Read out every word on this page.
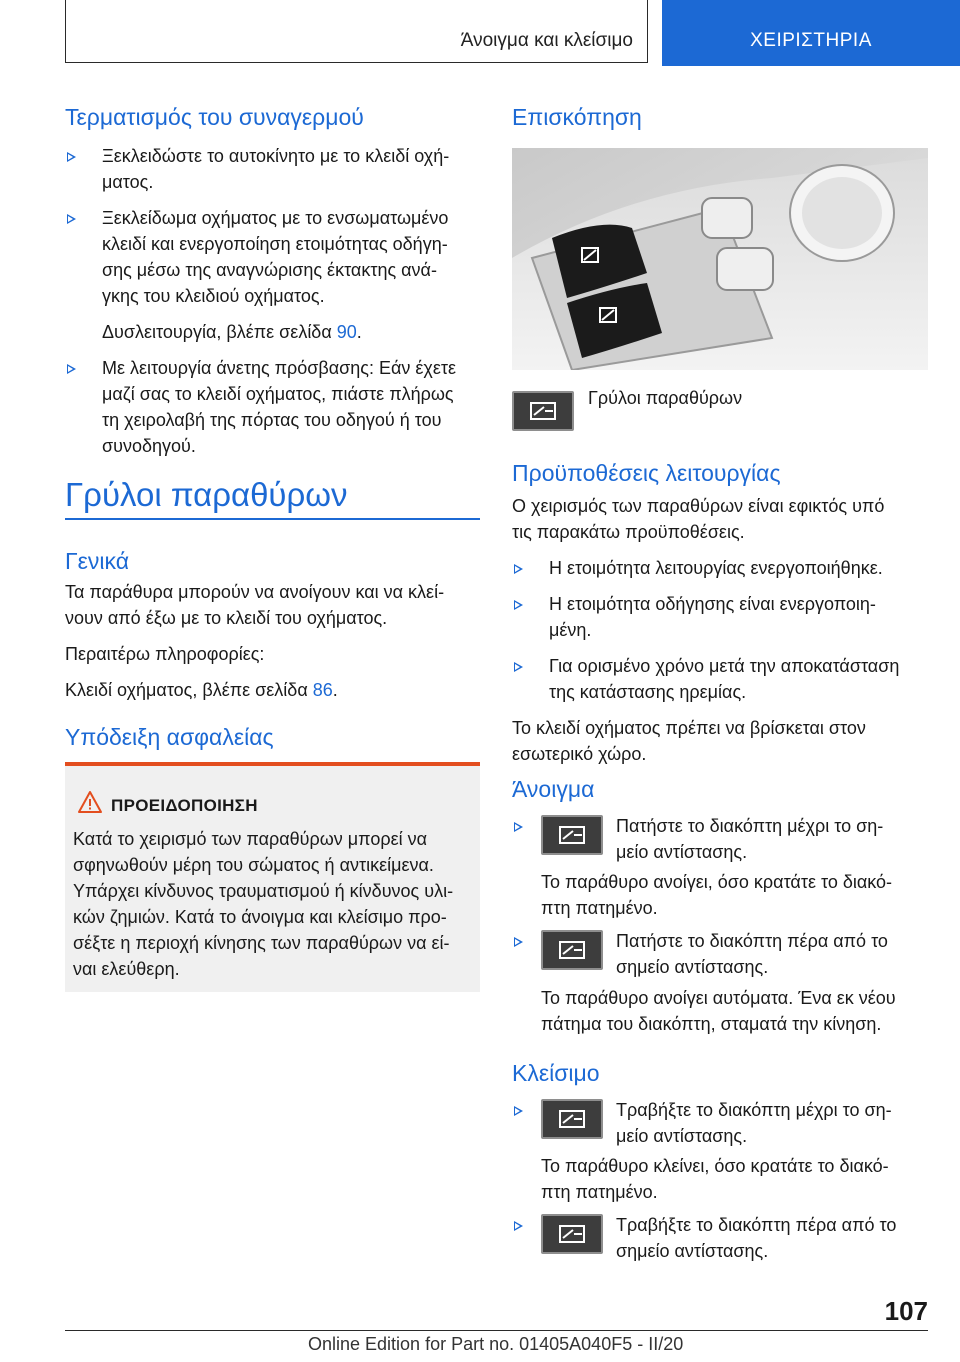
Άνοιγμα και κλείσιμο	ΧΕΙΡΙΣΤΗΡΙΑ
Τερματισμός του συναγερμού
Ξεκλειδώστε το αυτοκίνητο με το κλειδί οχή-
ματος.
Ξεκλείδωμα οχήματος με το ενσωματωμένο
κλειδί και ενεργοποίηση ετοιμότητας οδήγη-
σης μέσω της αναγνώρισης έκτακτης ανά-
γκης του κλειδιού οχήματος.
Δυσλειτουργία, βλέπε σελίδα 90.
Με λειτουργία άνετης πρόσβασης: Εάν έχετε
μαζί σας το κλειδί οχήματος, πιάστε πλήρως
τη χειρολαβή της πόρτας του οδηγού ή του
συνοδηγού.
Γρύλοι παραθύρων
Γενικά

Τα παράθυρα μπορούν να ανοίγουν και να κλεί-
νουν από έξω με το κλειδί του οχήματος.

Περαιτέρω πληροφορίες:

Κλειδί οχήματος, βλέπε σελίδα 86.

Υπόδειξη ασφαλείας
ΠΡΟΕΙΔΟΠΟΙΗΣΗ
Κατά το χειρισμό των παραθύρων μπορεί να
σφηνωθούν μέρη του σώματος ή αντικείμενα.
Υπάρχει κίνδυνος τραυματισμού ή κίνδυνος υλι-
κών ζημιών. Κατά το άνοιγμα και κλείσιμο προ-
σέξτε η περιοχή κίνησης των παραθύρων να εί-
ναι ελεύθερη.
Επισκόπηση
Γρύλοι παραθύρων
Προϋποθέσεις λειτουργίας

Ο χειρισμός των παραθύρων είναι εφικτός υπό
τις παρακάτω προϋποθέσεις.

Η ετοιμότητα λειτουργίας ενεργοποιήθηκε.
Η ετοιμότητα οδήγησης είναι ενεργοποιη-
μένη.
Για ορισμένο χρόνο μετά την αποκατάσταση
της κατάστασης ηρεμίας.

Το κλειδί οχήματος πρέπει να βρίσκεται στον
εσωτερικό χώρο.

Άνοιγμα
Πατήστε το διακόπτη μέχρι το ση-
μείο αντίστασης.
Το παράθυρο ανοίγει, όσο κρατάτε το διακό-
πτη πατημένο.
Πατήστε το διακόπτη πέρα από το
σημείο αντίστασης.
Το παράθυρο ανοίγει αυτόματα. Ένα εκ νέου
πάτημα του διακόπτη, σταματά την κίνηση.
Κλείσιμο
Τραβήξτε το διακόπτη μέχρι το ση-
μείο αντίστασης.
Το παράθυρο κλείνει, όσο κρατάτε το διακό-
πτη πατημένο.
Τραβήξτε το διακόπτη πέρα από το
σημείο αντίστασης.
107
Online Edition for Part no. 01405A040F5 - II/20
